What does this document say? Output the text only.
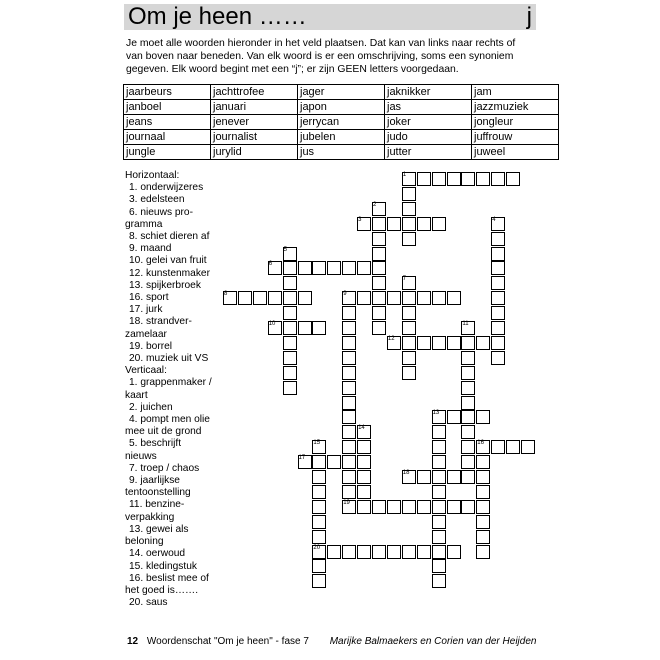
Om je heen ……	j

Je moet alle woorden hieronder in het veld plaatsen. Dat kan van links naar rechts of

van boven naar beneden. Van elk woord is er een omschrijving, soms een synoniem

gegeven. Elk woord begint met een “j”; er zijn GEEN letters voorgedaan.

jaarbeurs	jachttrofee	jager	jaknikker	jam
janboel	januari	japon	jas	jazzmuziek
jeans	jenever	jerrycan	joker	jongleur
journaal	journalist	jubelen	judo	juffrouw
jungle	jurylid	jus	jutter	juweel
Horizontaal:
1. onderwijzeres
3. edelsteen
6. nieuws pro-
gramma
8. schiet dieren af
9. maand
10. gelei van fruit
12. kunstenmaker
13. spijkerbroek
16. sport
17. jurk
18. strandver-
zamelaar
19. borrel
20. muziek uit VS
Verticaal:
1. grappenmaker /
kaart
2. juichen
4. pompt men olie
mee uit de grond
5. beschrijft
nieuws
7. troep / chaos
9. jaarlijkse
tentoonstelling
11. benzine-
verpakking
13. gewei als
beloning
14. oerwoud
15. kledingstuk
16. beslist mee of
het goed is…….
20. saus
1
2
3	4
5
6
7
8	9
19
10	11
12
13
14
15
20
16
17
18
12 Woordenschat "Om je heen" - fase 7 Marijke Balmaekers en Corien van der Heijden
